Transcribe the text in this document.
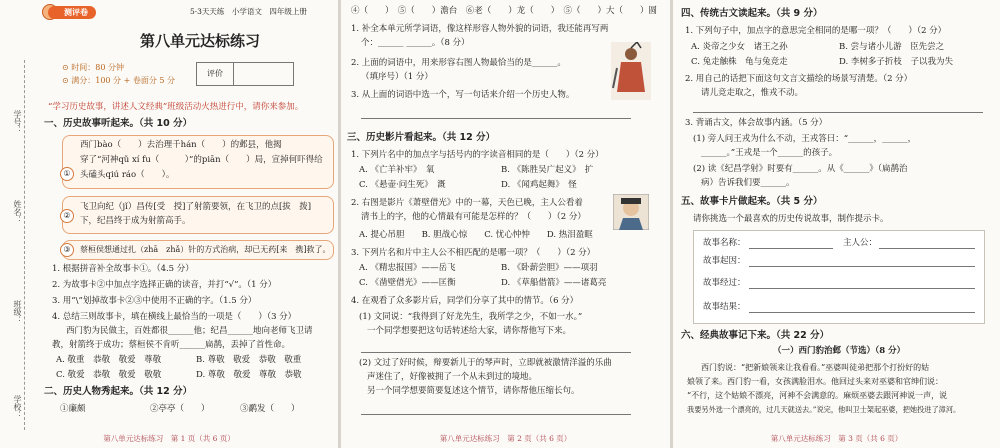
学号：
姓名：
班级：
学校：
测评卷	5·3天天练　小学语文　四年级上册
第八单元达标练习
⊙ 时间：80 分钟
⊙ 满分：100 分 + 卷面分 5 分
评价
“学习历史故事，讲述人文经典”班级活动火热进行中，请你来参加。
一、历史故事听起来。（共 10 分）
①
西门bào（　　）去治理千hán（　　）的邺县，他揭
穿了“河神qǔ xí fu（　　　）”的piān（　　）局，宣掉何吓得给
头磕头qiú ráo（　　）。
②
飞卫向纪（jǐ）昌传[受　授]了射箭要领，在飞卫的点[拔　拨]
下，纪昌终于成为射箭高手。
③	蔡桓侯想通过扎（zhā　zhǎ）针的方式治病，却已无药[来　携]救了。
1. 根据拼音补全故事卡①。（4.5 分）
2. 为故事卡②中加点字选择正确的读音，并打“√”。（1 分）
3. 用“\”划掉故事卡②③中使用不正确的字。（1.5 分）
4. 总结三则故事卡，填在横线上最恰当的一项是（　　）（3 分）
西门豹为民做主，百姓都很______他；纪昌______地向老师飞卫请
教，射箭终于成功；蔡桓侯不肯听______扁鹊，丢掉了首性命。
A. 敬重　 恭敬　 敬爱　 尊敬	B. 尊敬　 敬爱　 恭敬　 敬重
C. 敬爱　 恭敬　 敬爱　 敬敬	D. 尊敬　 敬爱　 尊敬　 恭敬
二、历史人物秀起来。（共 12 分）
①廉颇	②亭亭（　　）	③鹬发（　　）
第八单元达标练习　第 1 页（共 6 页）
④（　　）　⑤（　　）澹台　⑥老（　　）龙（　　）　⑤（　　）大（　　）圆
1. 补全本单元所学词语，像这样形容人物外貌的词语，我还能再写两
个：______ ______。（8 分）
2. 上面的词语中，用来形容右图人物最恰当的是______。
（填序号）（1 分）
3. 从上面的词语中选一个，写一句话来介绍一个历史人物。
三、历史影片看起来。（共 12 分）
1. 下列片名中的加点字与括号内的字读音相同的是（　　）（2 分）
A. 《亡羊补牢》　 氧	B. 《陈胜吴广起义》　 扩
C. 《悬壶·问生死》　 溉	D. 《闻鸡起舞》　 怪
2. 右图是影片《萧壁借光》中的一幕，天色已晚，主人公看着
清书上的字，他的心情最有可能是怎样的？（　　）（2 分）
A. 提心吊胆　　 B. 胆战心惊　　 C. 忧心忡忡　　 D. 热泪盈眶
3. 下列片名和片中主人公不相匹配的是哪一项？（　　）（2 分）
A. 《精忠报国》——岳飞	B. 《卧薪尝胆》——项羽
C. 《凿壁借光》——匡衡	D. 《草船借箭》——诸葛亮
4. 在观看了众多影片后，同学们分享了其中的情节。（6 分）
(1) 文同说：“我得到了好龙先生，我所学之少，不如一水。”
一个同学想要把这句话转述给大家，请你帮他写下来。
(2) 文过了好时候，辩要新儿于的琴声时，立即就被激情洋溢的乐曲
声迷住了，好像被拥了一个从未到过的境地。
另一个同学想要简要复述这个情节，请你帮他压缩长句。
第八单元达标练习　第 2 页（共 6 页）
四、传统古文读起来。（共 9 分）
1. 下列句子中，加点字的意思完全相同的是哪一项？（　　）（2 分）
A. 炎帝之少女　 诸王之孙	B. 尝与诸小儿游　 臣先尝之
C. 兔走触株　 龟与兔竞走	D. 李树多子折枝　 子以我为失
2. 用自己的话把下面这句文言文描绘的场景写清楚。（2 分）
请儿竞走取之，惟戎不动。
3. 背诵古文，体会故事内涵。（5 分）
(1) 旁人问王戎为什么不动，王戎答曰：“______，______，
______。”王戎是一个______的孩子。
(2) 读《纪昌学射》时要有______。从《______》（扁鹊治
病）告诉我们要______。
五、故事卡片做起来。（共 5 分）
请你挑选一个最喜欢的历史传说故事，制作提示卡。
故事名称：	主人公：
故事起因：
故事经过：
故事结果：
六、经典故事记下来。（共 22 分）
（一）西门豹治邺（节选）（8 分）
西门豹说：“把新娘领来让我看看。”巫婆叫徒弟把那个打扮好的姑
娘领了来。西门豹一看，女孩满脸泪水。他回过头来对巫婆和官绅们说：
“不行，这个姑娘不漂亮，河神不会满意的。麻烦巫婆去跟河神说一声，说
我要另外选一个漂亮的，过几天就送去。”说完，他叫卫士架起巫婆，把她投进了漳河。
第八单元达标练习　第 3 页（共 6 页）
